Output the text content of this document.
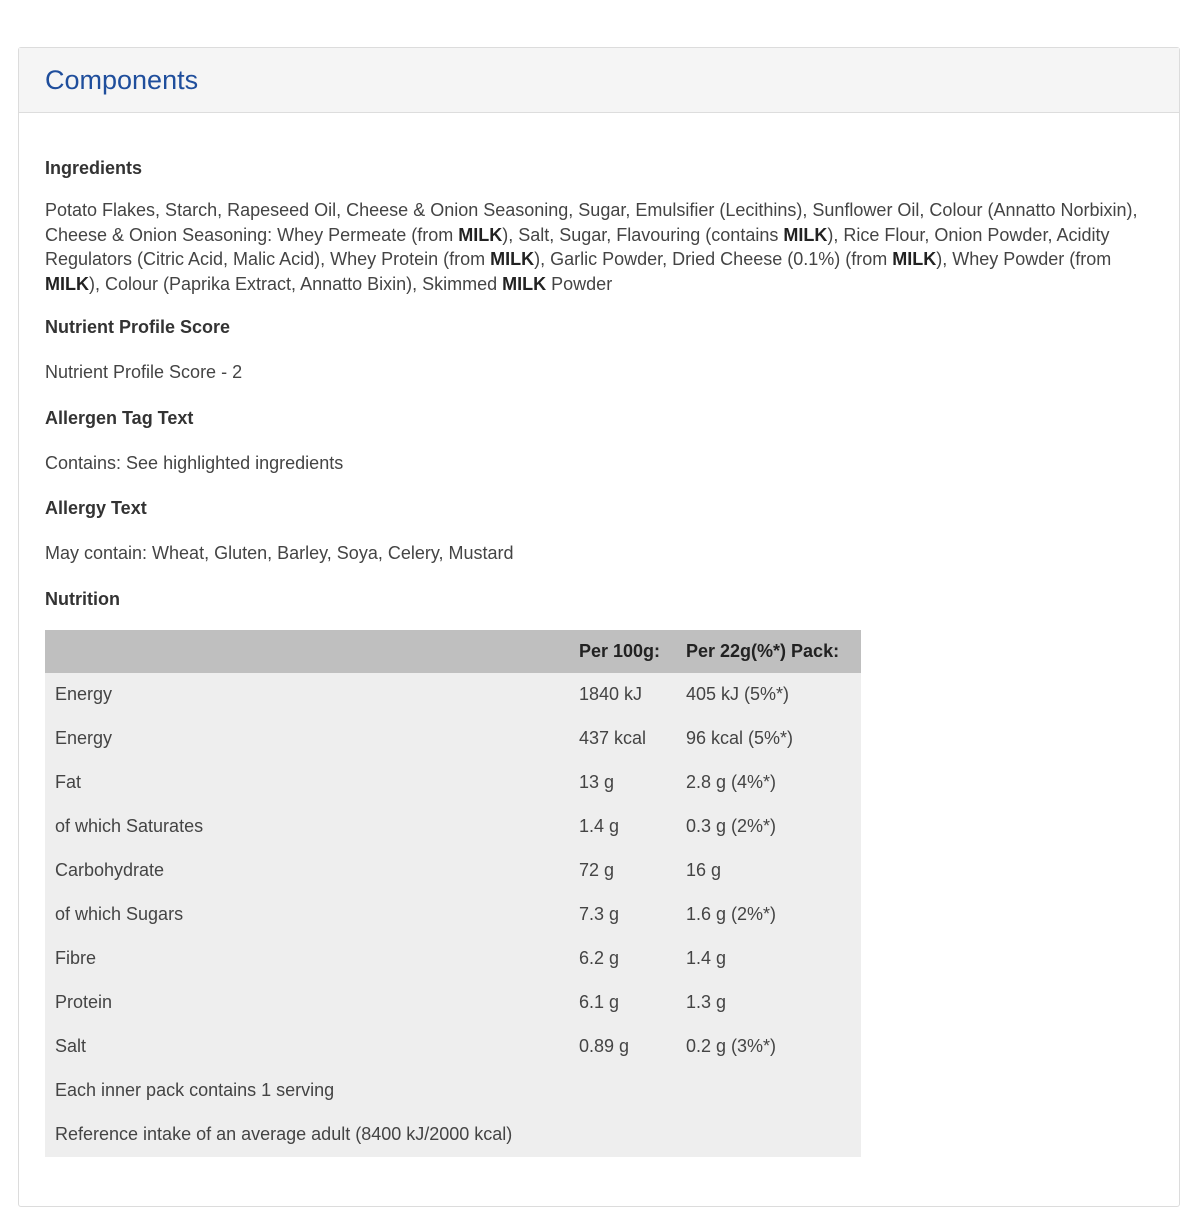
Components
Ingredients

Potato Flakes, Starch, Rapeseed Oil, Cheese & Onion Seasoning, Sugar, Emulsifier (Lecithins), Sunflower Oil, Colour (Annatto Norbixin), Cheese & Onion Seasoning: Whey Permeate (from MILK), Salt, Sugar, Flavouring (contains MILK), Rice Flour, Onion Powder, Acidity Regulators (Citric Acid, Malic Acid), Whey Protein (from MILK), Garlic Powder, Dried Cheese (0.1%) (from MILK), Whey Powder (from MILK), Colour (Paprika Extract, Annatto Bixin), Skimmed MILK Powder

Nutrient Profile Score

Nutrient Profile Score - 2

Allergen Tag Text

Contains: See highlighted ingredients

Allergy Text

May contain: Wheat, Gluten, Barley, Soya, Celery, Mustard

Nutrition
	Per 100g:	Per 22g(%*) Pack:
Energy	1840 kJ	405 kJ (5%*)
Energy	437 kcal	96 kcal (5%*)
Fat	13 g	2.8 g (4%*)
of which Saturates	1.4 g	0.3 g (2%*)
Carbohydrate	72 g	16 g
of which Sugars	7.3 g	1.6 g (2%*)
Fibre	6.2 g	1.4 g
Protein	6.1 g	1.3 g
Salt	0.89 g	0.2 g (3%*)
Each inner pack contains 1 serving		
Reference intake of an average adult (8400 kJ/2000 kcal)		
